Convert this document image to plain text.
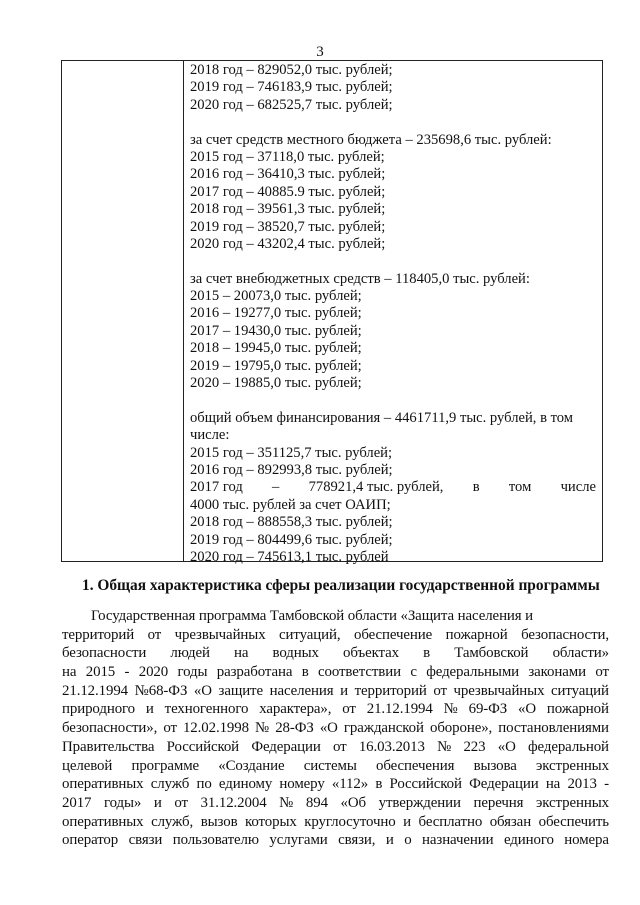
3
2018 год – 829052,0 тыс. рублей;
2019 год – 746183,9 тыс. рублей;
2020 год – 682525,7 тыс. рублей;
за счет средств местного бюджета – 235698,6 тыс. рублей:
2015 год – 37118,0 тыс. рублей;
2016 год – 36410,3 тыс. рублей;
2017 год – 40885.9 тыс. рублей;
2018 год – 39561,3 тыс. рублей;
2019 год – 38520,7 тыс. рублей;
2020 год – 43202,4 тыс. рублей;
за счет внебюджетных средств – 118405,0 тыс. рублей:
2015 – 20073,0 тыс. рублей;
2016 – 19277,0 тыс. рублей;
2017 – 19430,0 тыс. рублей;
2018 – 19945,0 тыс. рублей;
2019 – 19795,0 тыс. рублей;
2020 – 19885,0 тыс. рублей;
общий объем финансирования – 4461711,9 тыс. рублей, в том
числе:
2015 год – 351125,7 тыс. рублей;
2016 год – 892993,8 тыс. рублей;
2017 год – 778921,4 тыс. рублей, в том числе
4000 тыс. рублей за счет ОАИП;
2018 год – 888558,3 тыс. рублей;
2019 год – 804499,6 тыс. рублей;
2020 год – 745613,1 тыс. рублей
1. Общая характеристика сферы реализации государственной программы
Государственная программа Тамбовской области «Защита населения и
территорий от чрезвычайных ситуаций, обеспечение пожарной безопасности,
безопасности людей на водных объектах в Тамбовской области»
на 2015 - 2020 годы разработана в соответствии с федеральными законами от
21.12.1994 №68-ФЗ «О защите населения и территорий от чрезвычайных ситуаций
природного и техногенного характера», от 21.12.1994 № 69-ФЗ «О пожарной
безопасности», от 12.02.1998 № 28-ФЗ «О гражданской обороне», постановлениями
Правительства Российской Федерации от 16.03.2013 № 223 «О федеральной
целевой программе «Создание системы обеспечения вызова экстренных
оперативных служб по единому номеру «112» в Российской Федерации на 2013 -
2017 годы» и от 31.12.2004 № 894 «Об утверждении перечня экстренных
оперативных служб, вызов которых круглосуточно и бесплатно обязан обеспечить
оператор связи пользователю услугами связи, и о назначении единого номера
